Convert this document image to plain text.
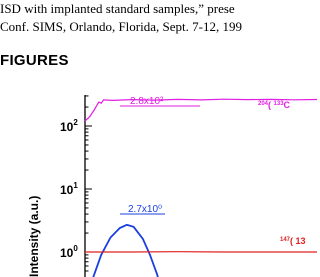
ISD with implanted standard samples,” prese
Conf. SIMS, Orlando, Florida, Sept. 7-12, 199
FIGURES
$10^2$
$10^1$
$10^0$
Intensity (a.u.)
2.8x10²	$^{204}$( $^{133}$C
2.7x10⁰
$^{147}$( 13
